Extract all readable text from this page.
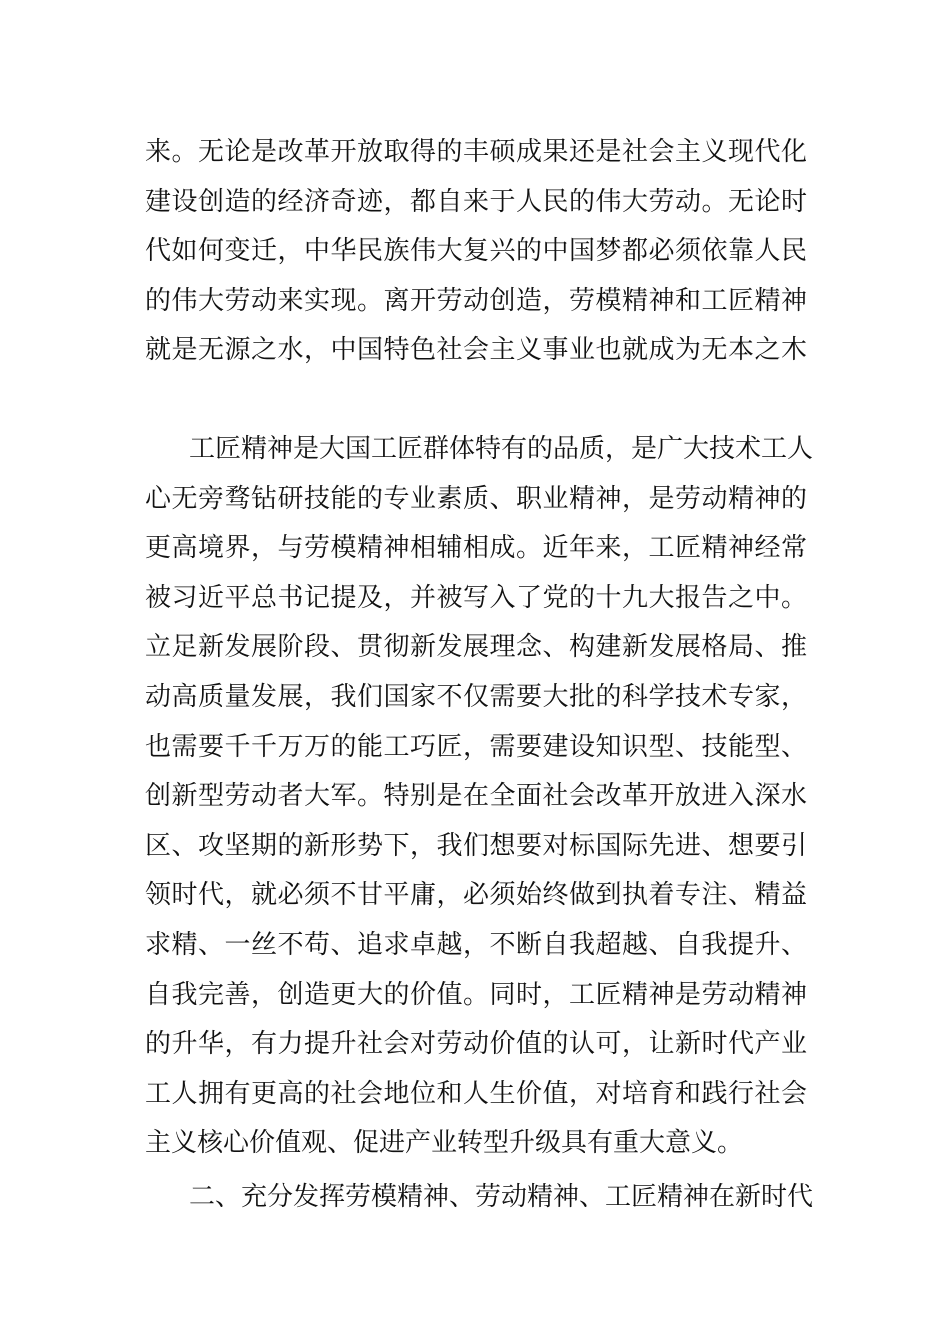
来。无论是改革开放取得的丰硕成果还是社会主义现代化
建设创造的经济奇迹，都自来于人民的伟大劳动。无论时
代如何变迁，中华民族伟大复兴的中国梦都必须依靠人民
的伟大劳动来实现。离开劳动创造，劳模精神和工匠精神
就是无源之水，中国特色社会主义事业也就成为无本之木
工匠精神是大国工匠群体特有的品质，是广大技术工人
心无旁骛钻研技能的专业素质、职业精神，是劳动精神的
更高境界，与劳模精神相辅相成。近年来，工匠精神经常
被习近平总书记提及，并被写入了党的十九大报告之中。
立足新发展阶段、贯彻新发展理念、构建新发展格局、推
动高质量发展，我们国家不仅需要大批的科学技术专家，
也需要千千万万的能工巧匠，需要建设知识型、技能型、
创新型劳动者大军。特别是在全面社会改革开放进入深水
区、攻坚期的新形势下，我们想要对标国际先进、想要引
领时代，就必须不甘平庸，必须始终做到执着专注、精益
求精、一丝不苟、追求卓越，不断自我超越、自我提升、
自我完善，创造更大的价值。同时，工匠精神是劳动精神
的升华，有力提升社会对劳动价值的认可，让新时代产业
工人拥有更高的社会地位和人生价值，对培育和践行社会
主义核心价值观、促进产业转型升级具有重大意义。
二、充分发挥劳模精神、劳动精神、工匠精神在新时代
